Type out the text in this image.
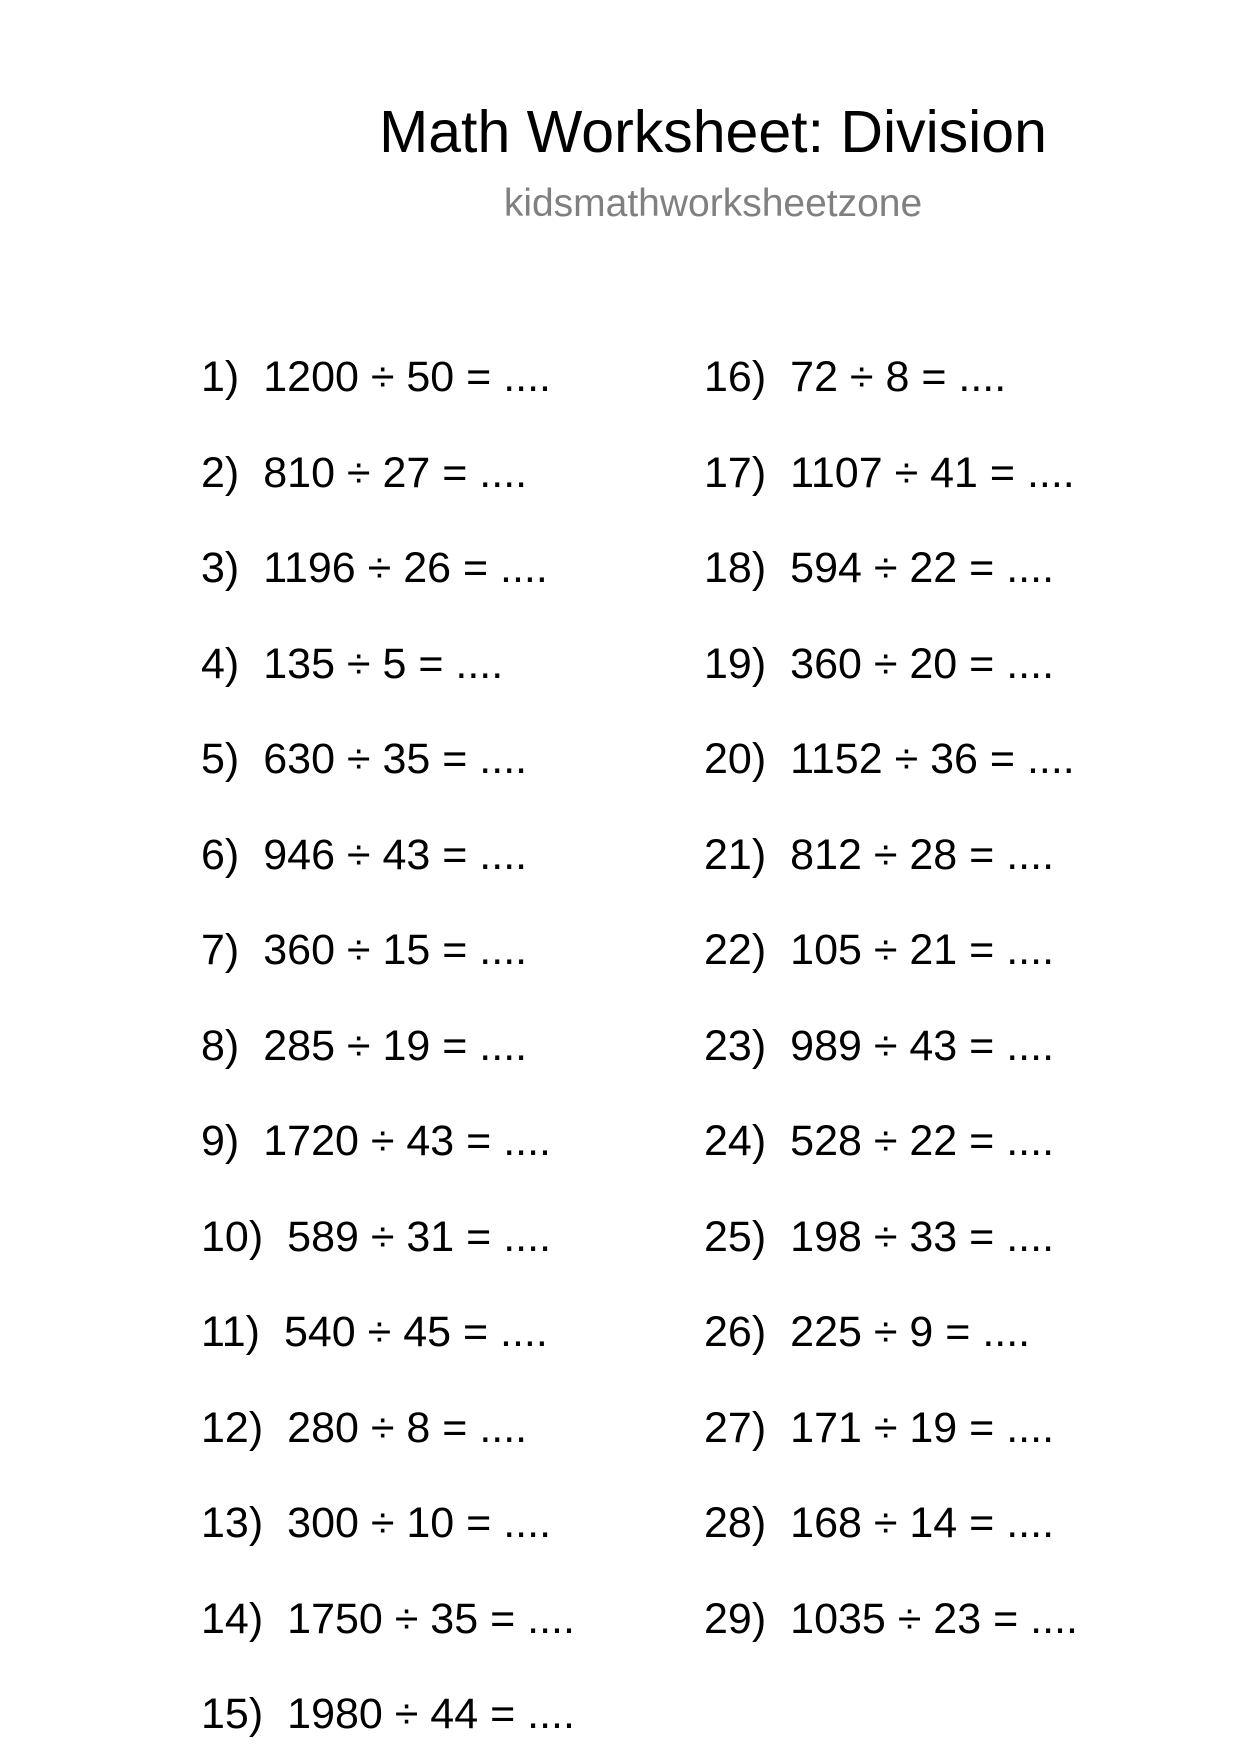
Math Worksheet: Division
kidsmathworksheetzone
1) 1200 ÷ 50 = ....
2) 810 ÷ 27 = ....
3) 1196 ÷ 26 = ....
4) 135 ÷ 5 = ....
5) 630 ÷ 35 = ....
6) 946 ÷ 43 = ....
7) 360 ÷ 15 = ....
8) 285 ÷ 19 = ....
9) 1720 ÷ 43 = ....
10) 589 ÷ 31 = ....
11) 540 ÷ 45 = ....
12) 280 ÷ 8 = ....
13) 300 ÷ 10 = ....
14) 1750 ÷ 35 = ....
15) 1980 ÷ 44 = ....
16) 72 ÷ 8 = ....
17) 1107 ÷ 41 = ....
18) 594 ÷ 22 = ....
19) 360 ÷ 20 = ....
20) 1152 ÷ 36 = ....
21) 812 ÷ 28 = ....
22) 105 ÷ 21 = ....
23) 989 ÷ 43 = ....
24) 528 ÷ 22 = ....
25) 198 ÷ 33 = ....
26) 225 ÷ 9 = ....
27) 171 ÷ 19 = ....
28) 168 ÷ 14 = ....
29) 1035 ÷ 23 = ....
